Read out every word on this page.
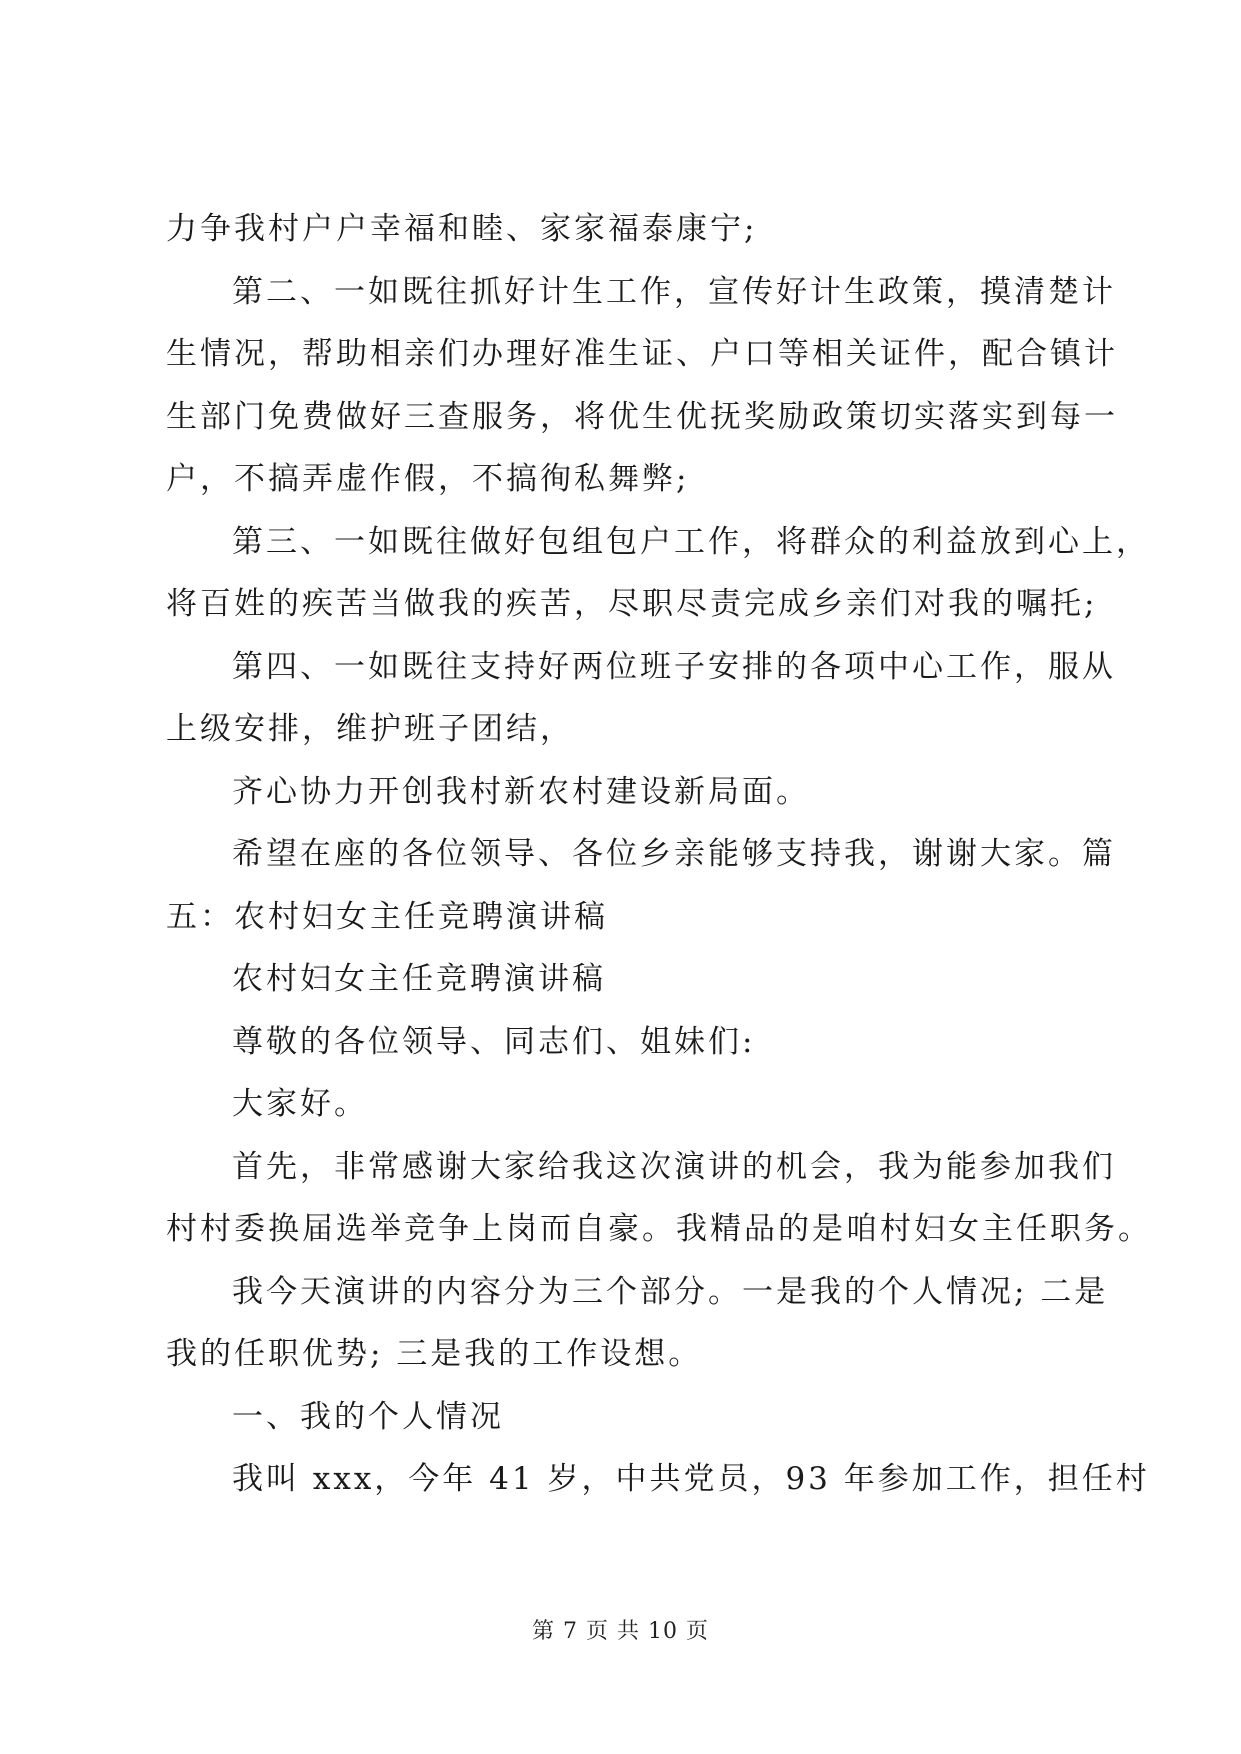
力争我村户户幸福和睦、家家福泰康宁;
第二、一如既往抓好计生工作，宣传好计生政策，摸清楚计
生情况，帮助相亲们办理好准生证、户口等相关证件，配合镇计
生部门免费做好三查服务，将优生优抚奖励政策切实落实到每一
户，不搞弄虚作假，不搞徇私舞弊;
第三、一如既往做好包组包户工作，将群众的利益放到心上，
将百姓的疾苦当做我的疾苦，尽职尽责完成乡亲们对我的嘱托;
第四、一如既往支持好两位班子安排的各项中心工作，服从
上级安排，维护班子团结，
齐心协力开创我村新农村建设新局面。
希望在座的各位领导、各位乡亲能够支持我，谢谢大家。篇
五：农村妇女主任竞聘演讲稿
农村妇女主任竞聘演讲稿
尊敬的各位领导、同志们、姐妹们:
大家好。
首先，非常感谢大家给我这次演讲的机会，我为能参加我们
村村委换届选举竞争上岗而自豪。我精品的是咱村妇女主任职务。
我今天演讲的内容分为三个部分。一是我的个人情况; 二是
我的任职优势; 三是我的工作设想。
一、我的个人情况
我叫 xxx，今年 41 岁，中共党员，93 年参加工作，担任村
第 7 页 共 10 页
